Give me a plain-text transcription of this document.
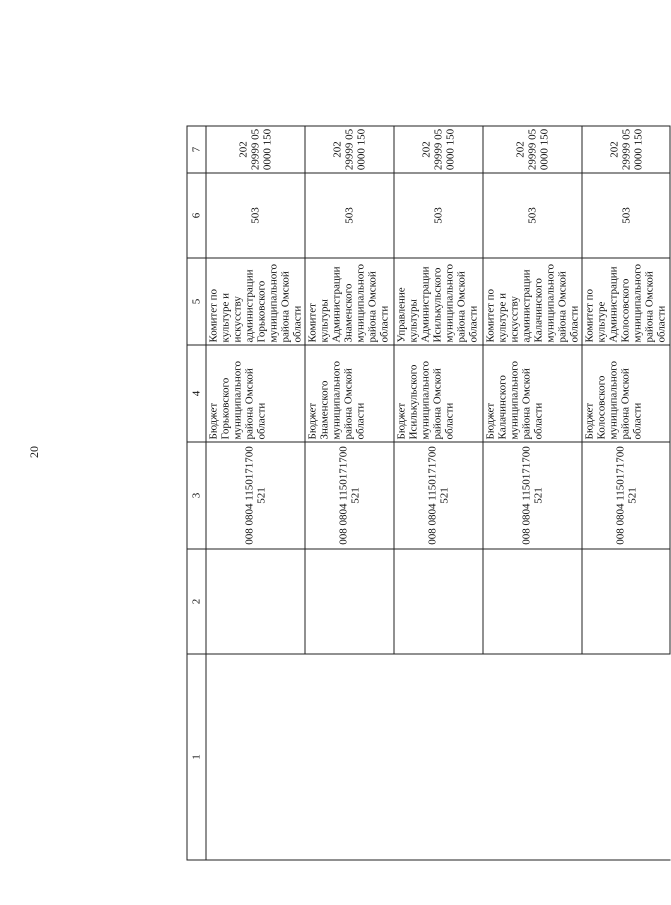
20
1	2	3	4	5	6	7
		008 0804 1150171700 521	Бюджет Горьковского муниципального района Омской области	Комитет по культуре и искусству администрации Горьковского муниципального района Омской области	503	202 29999 05 0000 150
		008 0804 1150171700 521	Бюджет Знаменского муниципального района Омской области	Комитет культуры Администрации Знаменского муниципального района Омской области	503	202 29999 05 0000 150
		008 0804 1150171700 521	Бюджет Исилькульского муниципального района Омской области	Управление культуры Администрации Исилькульского муниципального района Омской области	503	202 29999 05 0000 150
		008 0804 1150171700 521	Бюджет Калачинского муниципального района Омской области	Комитет по культуре и искусству администрации Калачинского муниципального района Омской области	503	202 29999 05 0000 150
		008 0804 1150171700 521	Бюджет Колосовского муниципального района Омской области	Комитет по культуре Администрации Колосовского муниципального района Омской области	503	202 29999 05 0000 150
